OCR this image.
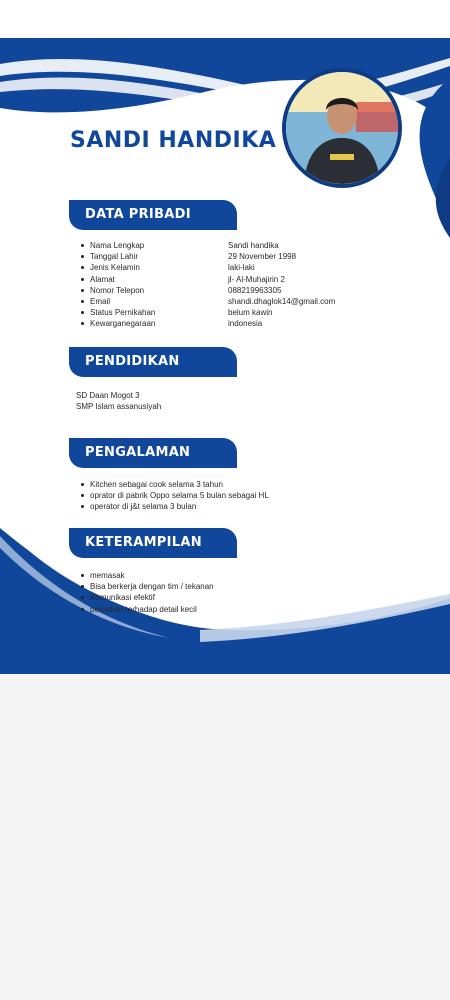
SANDI HANDIKA
DATA PRIBADI
Nama Lengkap
Tanggal Lahir
Jenis Kelamin
Alamat
Nomor Telepon
Email
Status Pernikahan
Kewarganegaraan
Sandi handika
29 November 1998
laki-laki
jl- Al-Muhajirin 2
088219963305
shandi.dhaglok14@gmail.com
belum kawin
indonesia
PENDIDIKAN
SD Daan Mogot 3
SMP Islam assanusiyah
PENGALAMAN
Kitchen sebagai cook selama 3 tahun
oprator di pabrik Oppo selama 5 bulan sebagai HL
operator di j&t selama 3 bulan
KETERAMPILAN
memasak
Bisa berkerja dengan tim / tekanan
Komunikasi efektif
perhatian terhadap detail kecil
